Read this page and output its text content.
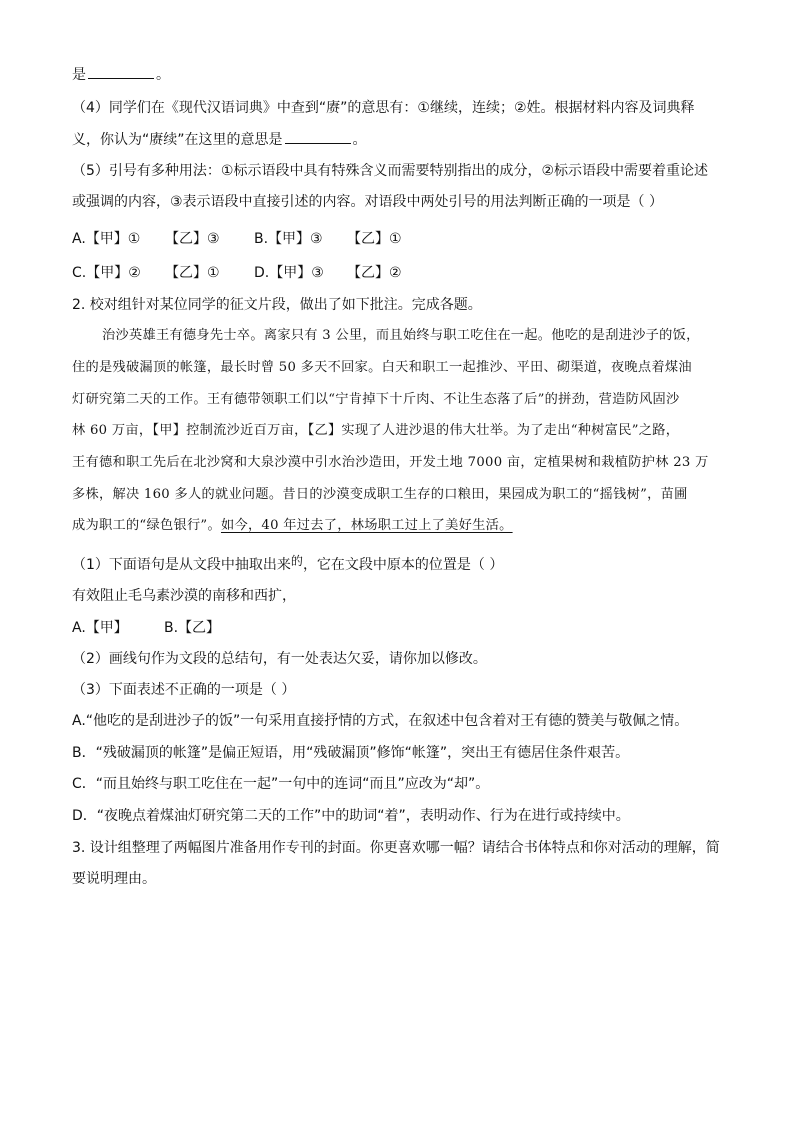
是	。
（4）同学们在《现代汉语词典》中查到“赓”的意思有：①继续，连续；②姓。根据材料内容及词典释
义，你认为“赓续”在这里的意思是	。
（5）引号有多种用法：①标示语段中具有特殊含义而需要特别指出的成分，②标示语段中需要着重论述
或强调的内容，③表示语段中直接引述的内容。对语段中两处引号的用法判断正确的一项是（ ）
A.【甲】① 【乙】③ B.【甲】③ 【乙】①
C.【甲】② 【乙】① D.【甲】③ 【乙】②
2. 校对组针对某位同学的征文片段，做出了如下批注。完成各题。
治沙英雄王有德身先士卒。离家只有 3 公里，而且始终与职工吃住在一起。他吃的是刮进沙子的饭，
住的是残破漏顶的帐篷，最长时曾 50 多天不回家。白天和职工一起推沙、平田、砌渠道，夜晚点着煤油
灯研究第二天的工作。王有德带领职工们以“宁肯掉下十斤肉、不让生态落了后”的拼劲，营造防风固沙
林 60 万亩，【甲】控制流沙近百万亩，【乙】实现了人进沙退的伟大壮举。为了走出“种树富民”之路，
王有德和职工先后在北沙窝和大泉沙漠中引水治沙造田，开发土地 7000 亩，定植果树和栽植防护林 23 万
多株，解决 160 多人的就业问题。昔日的沙漠变成职工生存的口粮田，果园成为职工的“摇钱树”，苗圃
成为职工的“绿色银行”。如今，40 年过去了，林场职工过上了美好生活。
（1）下面语句是从文段中抽取出来的，它在文段中原本的位置是（ ）
有效阻止毛乌素沙漠的南移和西扩，
A.【甲】	B.【乙】
（2）画线句作为文段的总结句，有一处表达欠妥，请你加以修改。
（3）下面表述不正确的一项是（ ）
A.“他吃的是刮进沙子的饭”一句采用直接抒情的方式，在叙述中包含着对王有德的赞美与敬佩之情。
B．“残破漏顶的帐篷”是偏正短语，用“残破漏顶”修饰“帐篷”，突出王有德居住条件艰苦。
C．“而且始终与职工吃住在一起”一句中的连词“而且”应改为“却”。
D．“夜晚点着煤油灯研究第二天的工作”中的助词“着”，表明动作、行为在进行或持续中。
3. 设计组整理了两幅图片准备用作专刊的封面。你更喜欢哪一幅？请结合书体特点和你对活动的理解，简
要说明理由。
